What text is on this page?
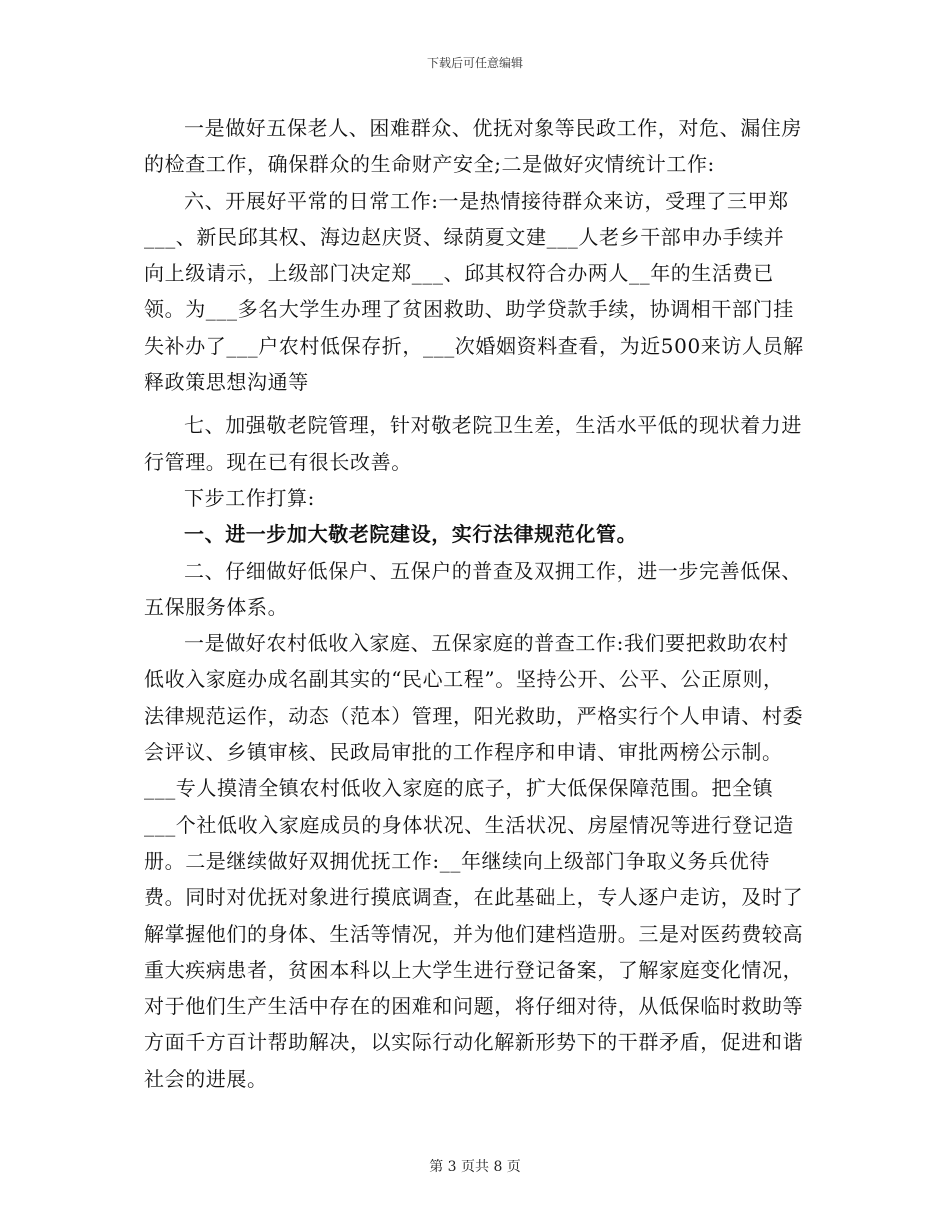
下载后可任意编辑

一是做好五保老人、困难群众、优抚对象等民政工作，对危、漏住房的检查工作，确保群众的生命财产安全;二是做好灾情统计工作:

六、开展好平常的日常工作:一是热情接待群众来访，受理了三甲郑___、新民邱其权、海边赵庆贤、绿荫夏文建___人老乡干部申办手续并向上级请示，上级部门决定郑___、邱其权符合办两人__年的生活费已领。为___多名大学生办理了贫困救助、助学贷款手续，协调相干部门挂失补办了___户农村低保存折，___次婚姻资料查看，为近500来访人员解释政策思想沟通等

七、加强敬老院管理，针对敬老院卫生差，生活水平低的现状着力进行管理。现在已有很长改善。

下步工作打算:

一、进一步加大敬老院建设，实行法律规范化管。

二、仔细做好低保户、五保户的普查及双拥工作，进一步完善低保、五保服务体系。

一是做好农村低收入家庭、五保家庭的普查工作:我们要把救助农村低收入家庭办成名副其实的“民心工程”。坚持公开、公平、公正原则，法律规范运作，动态（范本）管理，阳光救助，严格实行个人申请、村委会评议、乡镇审核、民政局审批的工作程序和申请、审批两榜公示制。___专人摸清全镇农村低收入家庭的底子，扩大低保保障范围。把全镇___个社低收入家庭成员的身体状况、生活状况、房屋情况等进行登记造册。二是继续做好双拥优抚工作:__年继续向上级部门争取义务兵优待费。同时对优抚对象进行摸底调查，在此基础上，专人逐户走访，及时了解掌握他们的身体、生活等情况，并为他们建档造册。三是对医药费较高重大疾病患者，贫困本科以上大学生进行登记备案，了解家庭变化情况，对于他们生产生活中存在的困难和问题，将仔细对待，从低保临时救助等方面千方百计帮助解决，以实际行动化解新形势下的干群矛盾，促进和谐社会的进展。

第 3 页共 8 页
